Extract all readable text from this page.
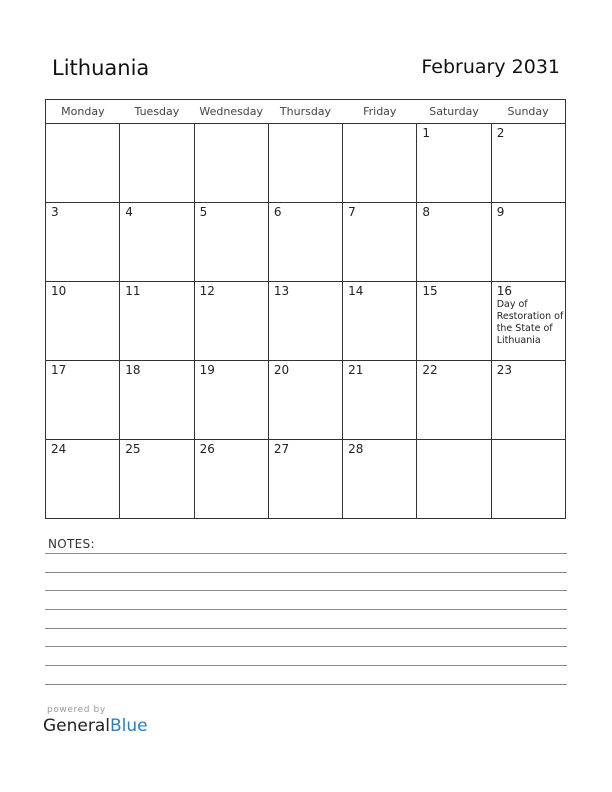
Lithuania	February 2031
Monday	Tuesday	Wednesday	Thursday	Friday	Saturday	Sunday

					1	2

3	4	5	6	7	8	9

10	11	12	13	14	15	16
Day of Restoration of the State of Lithuania

17	18	19	20	21	22	23

24	25	26	27	28		

NOTES:
powered by
GeneralBlue
